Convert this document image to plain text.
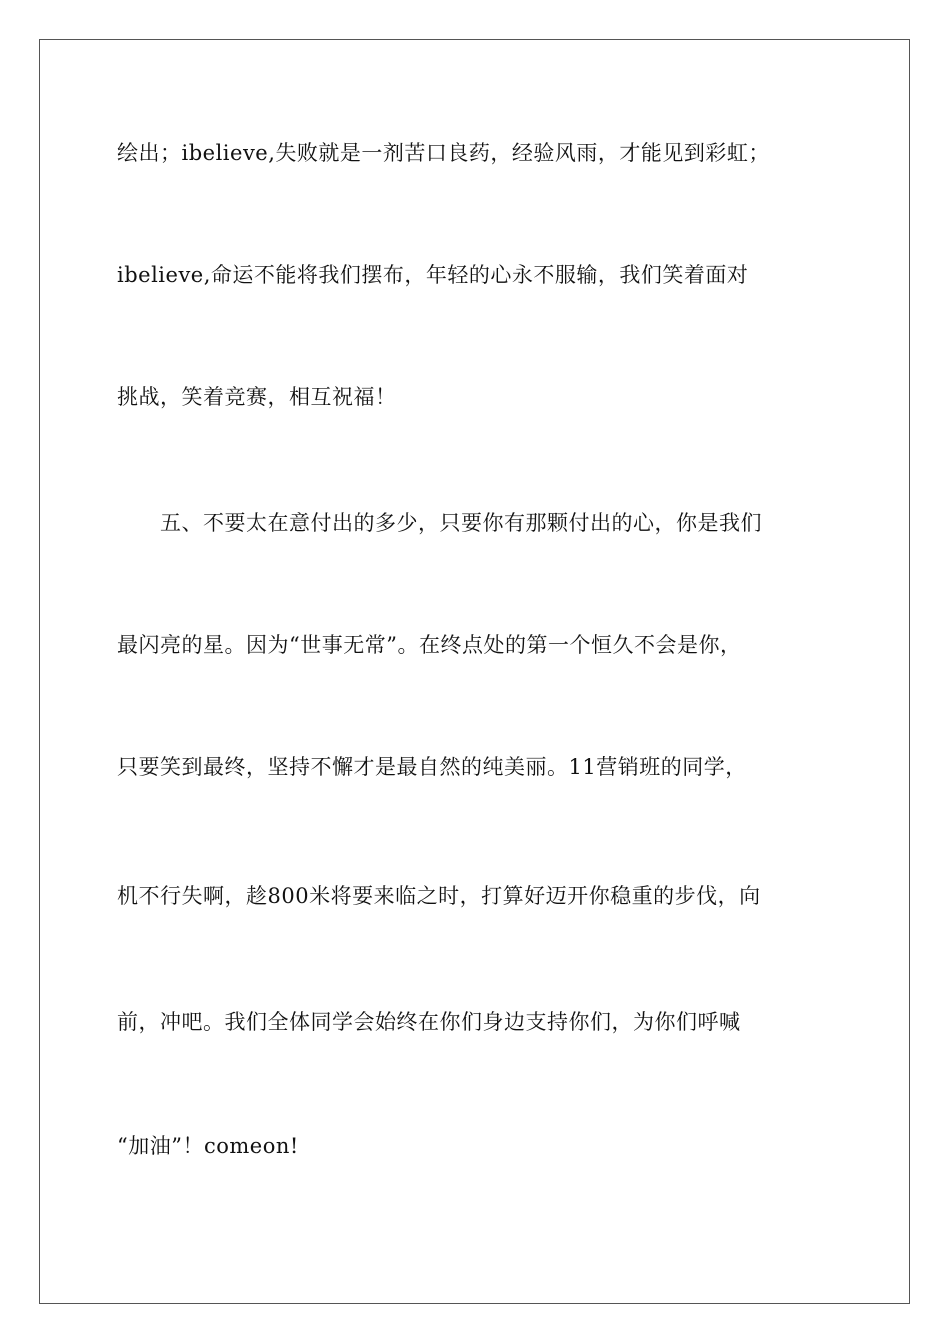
绘出；ibelieve,失败就是一剂苦口良药，经验风雨，才能见到彩虹；
ibelieve,命运不能将我们摆布，年轻的心永不服输，我们笑着面对
挑战，笑着竞赛，相互祝福！
　　五、不要太在意付出的多少，只要你有那颗付出的心，你是我们
最闪亮的星。因为“世事无常”。在终点处的第一个恒久不会是你，
只要笑到最终，坚持不懈才是最自然的纯美丽。11营销班的同学，
机不行失啊，趁800米将要来临之时，打算好迈开你稳重的步伐，向
前，冲吧。我们全体同学会始终在你们身边支持你们，为你们呼喊
“加油”！comeon!
